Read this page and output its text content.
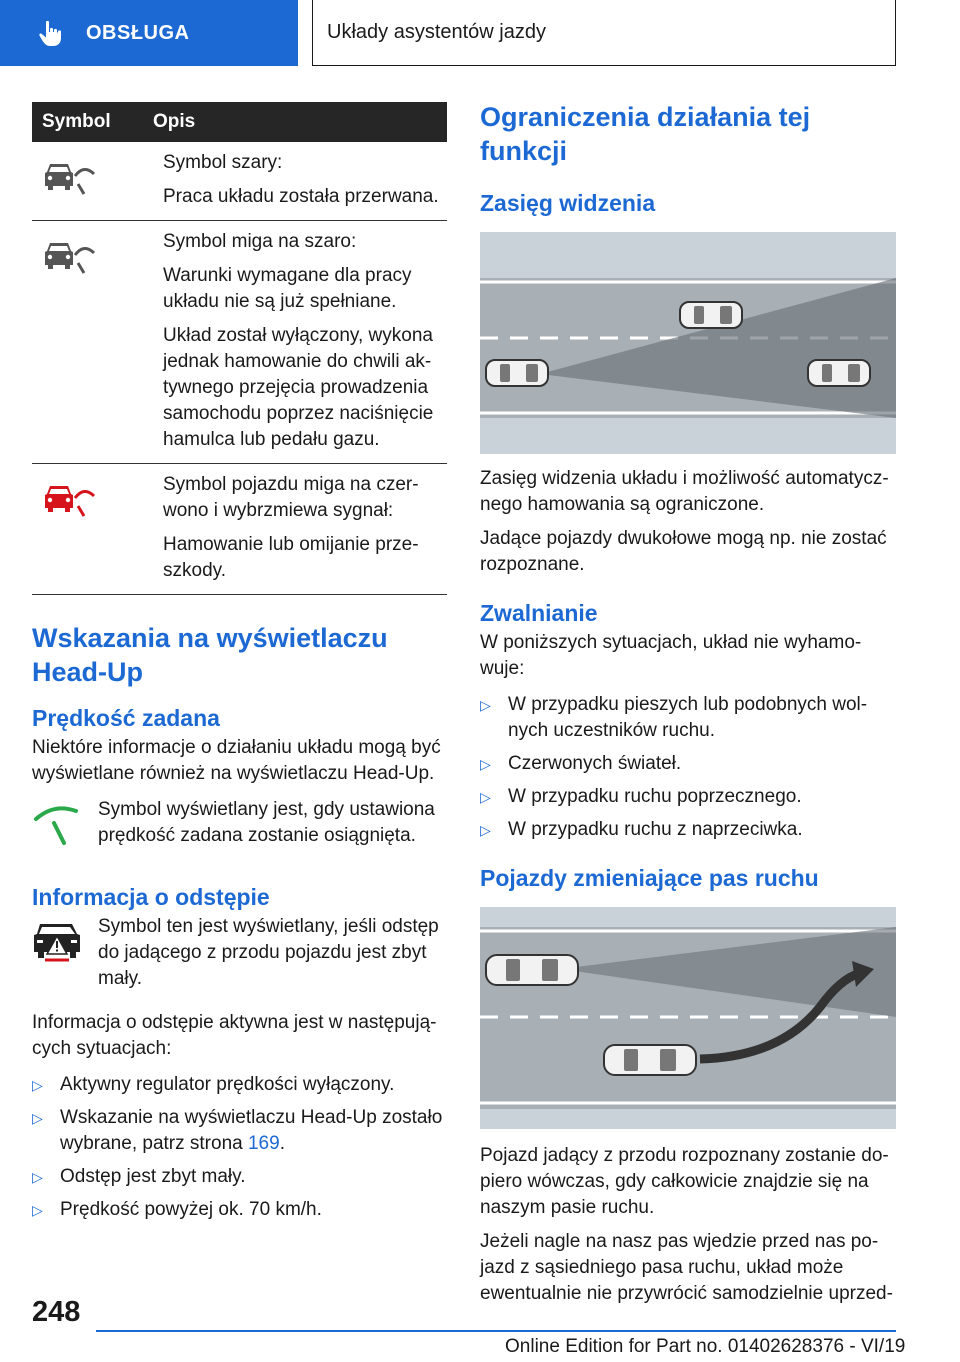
OBSŁUGA	Układy asystentów jazdy
Symbol	Opis

Symbol szary:

Praca układu została przerwana.

Symbol miga na szaro:

Warunki wymagane dla pracy układu nie są już spełniane.

Układ został wyłączony, wykona jednak hamowanie do chwili ak-tywnego przejęcia prowadzenia samochodu poprzez naciśnięcie hamulca lub pedału gazu.

Symbol pojazdu miga na czer-wono i wybrzmiewa sygnał:

Hamowanie lub omijanie prze-szkody.

Wskazania na wyświetlaczu Head-Up
Prędkość zadana

Niektóre informacje o działaniu układu mogą być wyświetlane również na wyświetlaczu Head-Up.

Symbol wyświetlany jest, gdy ustawiona prędkość zadana zostanie osiągnięta.
Informacja o odstępie
Symbol ten jest wyświetlany, jeśli odstęp do jadącego z przodu pojazdu jest zbyt mały.

Informacja o odstępie aktywna jest w następują-cych sytuacjach:

▷ Aktywny regulator prędkości wyłączony.
▷ Wskazanie na wyświetlaczu Head-Up zostało wybrane, patrz strona 169.
▷ Odstęp jest zbyt mały.
▷ Prędkość powyżej ok. 70 km/h.
Ograniczenia działania tej funkcji
Zasięg widzenia

Zasięg widzenia układu i możliwość automatycz-nego hamowania są ograniczone.

Jadące pojazdy dwukołowe mogą np. nie zostać rozpoznane.

Zwalnianie

W poniższych sytuacjach, układ nie wyhamo-wuje:

▷ W przypadku pieszych lub podobnych wol-nych uczestników ruchu.
▷ Czerwonych świateł.
▷ W przypadku ruchu poprzecznego.
▷ W przypadku ruchu z naprzeciwka.
Pojazdy zmieniające pas ruchu

Pojazd jadący z przodu rozpoznany zostanie do-piero wówczas, gdy całkowicie znajdzie się na naszym pasie ruchu.

Jeżeli nagle na nasz pas wjedzie przed nas po-jazd z sąsiedniego pasa ruchu, układ może ewentualnie nie przywrócić samodzielnie uprzed-

248
Online Edition for Part no. 01402628376 - VI/19
